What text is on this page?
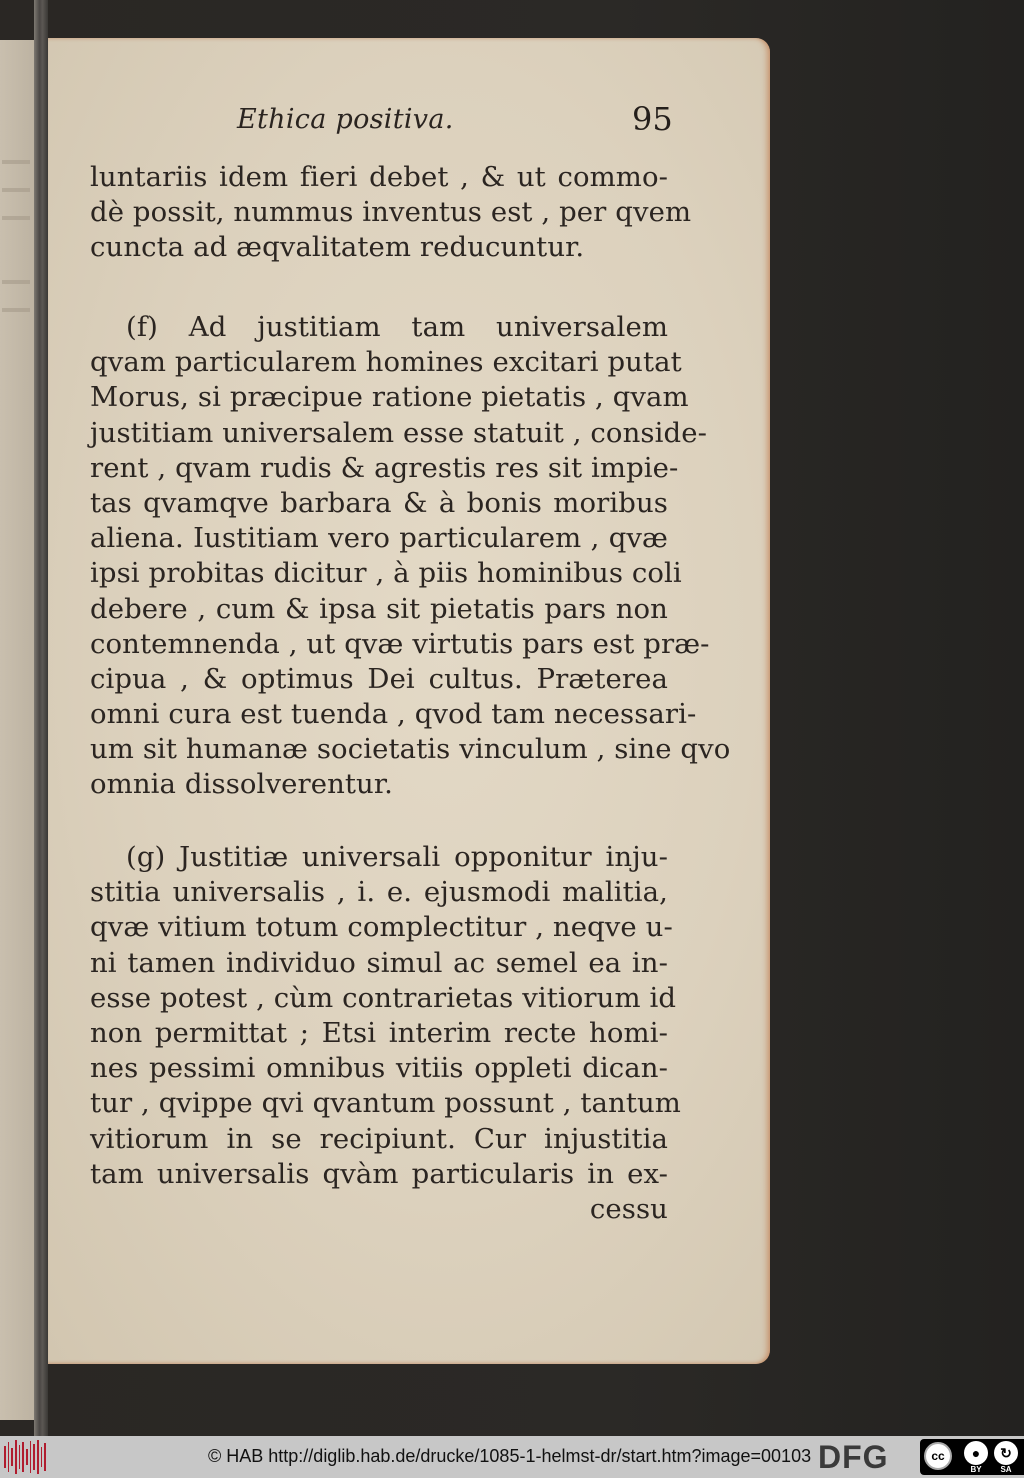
Ethica positiva.	95
luntariis idem fieri debet , & ut commo-
dè possit, nummus inventus est , per qvem
cuncta ad æqvalitatem reducuntur.
(f) Ad justitiam tam universalem
qvam particularem homines excitari putat
Morus, si præcipue ratione pietatis , qvam
justitiam universalem esse statuit , conside-
rent , qvam rudis & agrestis res sit impie-
tas qvamqve barbara & à bonis moribus
aliena. Iustitiam vero particularem , qvæ
ipsi probitas dicitur , à piis hominibus coli
debere , cum & ipsa sit pietatis pars non
contemnenda , ut qvæ virtutis pars est præ-
cipua , & optimus Dei cultus. Præterea
omni cura est tuenda , qvod tam necessari-
um sit humanæ societatis vinculum , sine qvo
omnia dissolverentur.
(g) Justitiæ universali opponitur inju-
stitia universalis , i. e. ejusmodi malitia,
qvæ vitium totum complectitur , neqve u-
ni tamen individuo simul ac semel ea in-
esse potest , cùm contrarietas vitiorum id
non permittat ; Etsi interim recte homi-
nes pessimi omnibus vitiis oppleti dican-
tur , qvippe qvi qvantum possunt , tantum
vitiorum in se recipiunt. Cur injustitia
tam universalis qvàm particularis in ex-
cessu
© HAB http://diglib.hab.de/drucke/1085-1-helmst-dr/start.htm?image=00103 DFG	cc	●
BY
↻
SA
